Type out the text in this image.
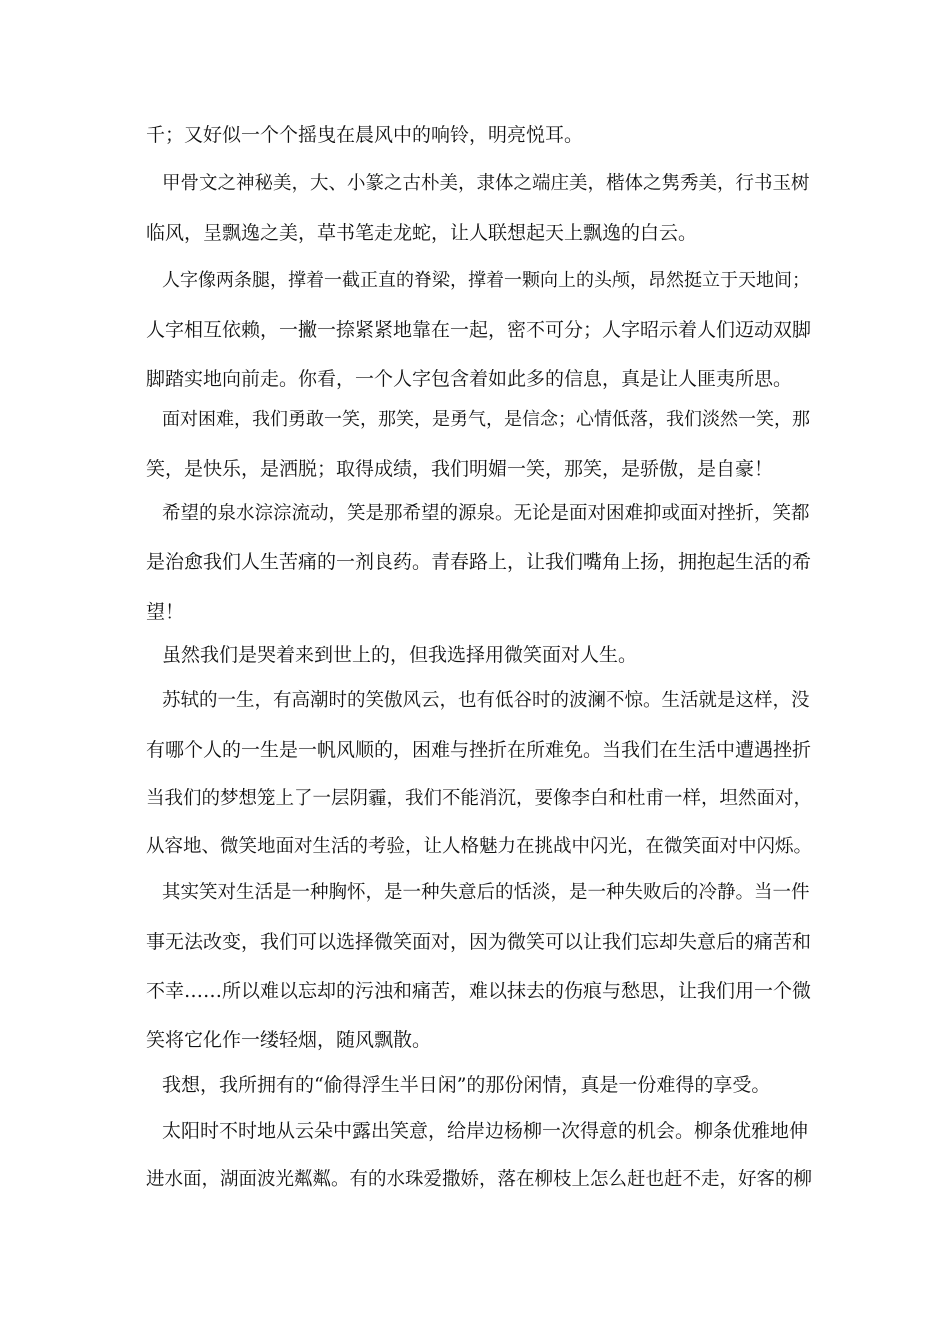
千；又好似一个个摇曳在晨风中的响铃，明亮悦耳。

甲骨文之神秘美，大、小篆之古朴美，隶体之端庄美，楷体之隽秀美，行书玉树

临风，呈飘逸之美，草书笔走龙蛇，让人联想起天上飘逸的白云。

人字像两条腿，撑着一截正直的脊梁，撑着一颗向上的头颅，昂然挺立于天地间；

人字相互依赖，一撇一捺紧紧地靠在一起，密不可分；人字昭示着人们迈动双脚

脚踏实地向前走。你看，一个人字包含着如此多的信息，真是让人匪夷所思。

面对困难，我们勇敢一笑，那笑，是勇气，是信念；心情低落，我们淡然一笑，那

笑，是快乐，是洒脱；取得成绩，我们明媚一笑，那笑，是骄傲，是自豪！

希望的泉水淙淙流动，笑是那希望的源泉。无论是面对困难抑或面对挫折，笑都

是治愈我们人生苦痛的一剂良药。青春路上，让我们嘴角上扬，拥抱起生活的希

望！

虽然我们是哭着来到世上的，但我选择用微笑面对人生。

苏轼的一生，有高潮时的笑傲风云，也有低谷时的波澜不惊。生活就是这样，没

有哪个人的一生是一帆风顺的，困难与挫折在所难免。当我们在生活中遭遇挫折

当我们的梦想笼上了一层阴霾，我们不能消沉，要像李白和杜甫一样，坦然面对，

从容地、微笑地面对生活的考验，让人格魅力在挑战中闪光，在微笑面对中闪烁。

其实笑对生活是一种胸怀，是一种失意后的恬淡，是一种失败后的冷静。当一件

事无法改变，我们可以选择微笑面对，因为微笑可以让我们忘却失意后的痛苦和

不幸……所以难以忘却的污浊和痛苦，难以抹去的伤痕与愁思，让我们用一个微

笑将它化作一缕轻烟，随风飘散。

我想，我所拥有的“偷得浮生半日闲”的那份闲情，真是一份难得的享受。

太阳时不时地从云朵中露出笑意，给岸边杨柳一次得意的机会。柳条优雅地伸

进水面，湖面波光粼粼。有的水珠爱撒娇，落在柳枝上怎么赶也赶不走，好客的柳
